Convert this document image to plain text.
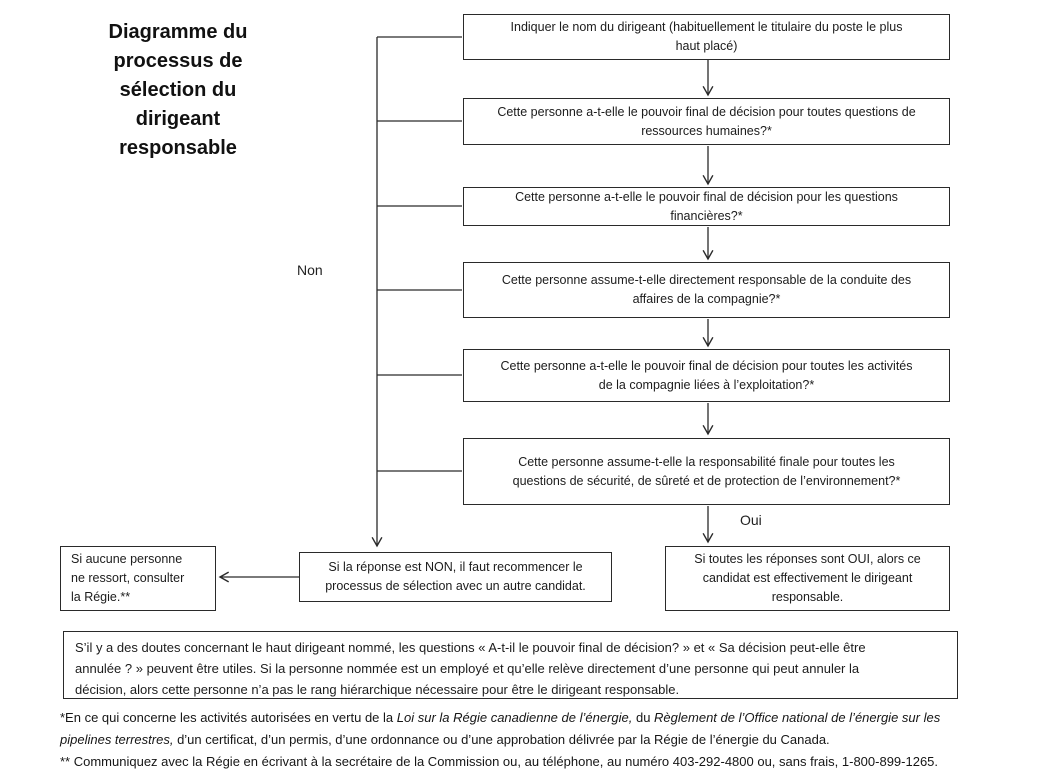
Diagramme du
processus de
sélection du
dirigeant
responsable
Non
Oui
Indiquer le nom du dirigeant (habituellement le titulaire du poste le plus
haut placé)
Cette personne a-t-elle le pouvoir final de décision pour toutes questions de
ressources humaines?*
Cette personne a-t-elle le pouvoir final de décision pour les questions
financières?*
Cette personne assume-t-elle directement responsable de la conduite des
affaires de la compagnie?*
Cette personne a-t-elle le pouvoir final de décision pour toutes les activités
de la compagnie liées à l’exploitation?*
Cette personne assume-t-elle la responsabilité finale pour toutes les
questions de sécurité, de sûreté et de protection de l’environnement?*
Si la réponse est NON, il faut recommencer le
processus de sélection avec un autre candidat.
Si toutes les réponses sont OUI, alors ce
candidat est effectivement le dirigeant
responsable.
Si aucune personne
ne ressort, consulter
la Régie.**
S’il y a des doutes concernant le haut dirigeant nommé, les questions « A-t-il le pouvoir final de décision? » et « Sa décision peut-elle être
annulée ? » peuvent être utiles. Si la personne nommée est un employé et qu’elle relève directement d’une personne qui peut annuler la
décision, alors cette personne n’a pas le rang hiérarchique nécessaire pour être le dirigeant responsable.

*En ce qui concerne les activités autorisées en vertu de la Loi sur la Régie canadienne de l’énergie, du Règlement de l’Office national de l’énergie sur les pipelines terrestres, d’un certificat, d’un permis, d’une ordonnance ou d’une approbation délivrée par la Régie de l’énergie du Canada.

** Communiquez avec la Régie en écrivant à la secrétaire de la Commission ou, au téléphone, au numéro 403-292-4800 ou, sans frais, 1-800-899-1265.
